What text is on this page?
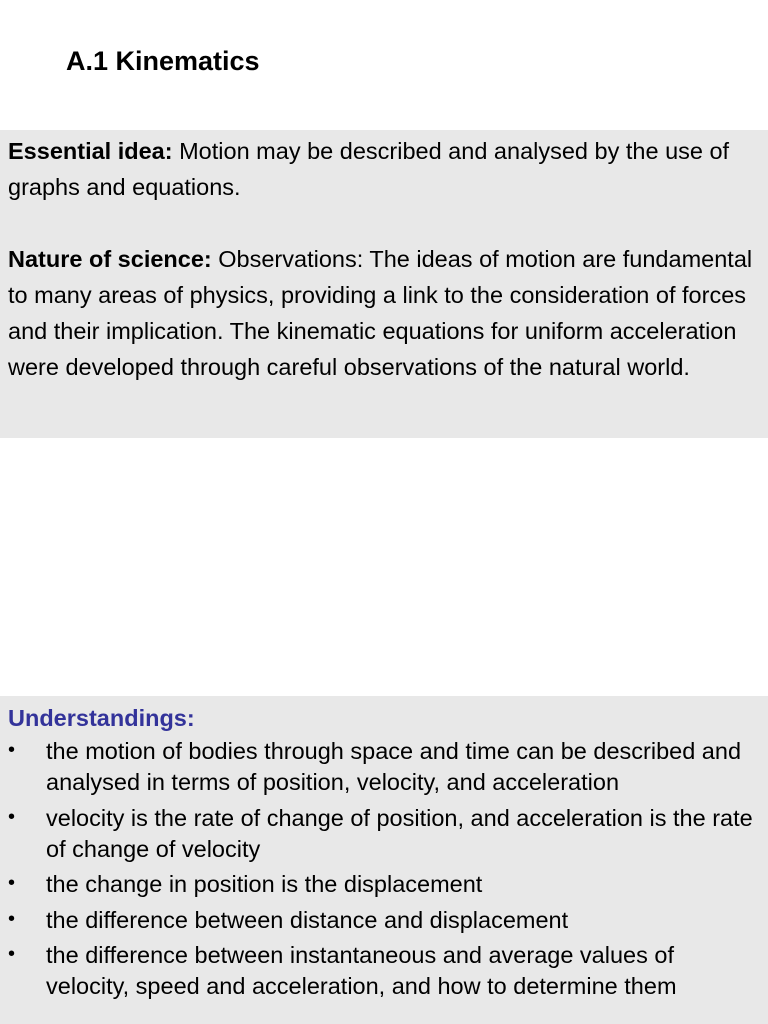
A.1 Kinematics

Essential idea: Motion may be described and analysed by the use of graphs and equations.

Nature of science: Observations: The ideas of motion are fundamental to many areas of physics, providing a link to the consideration of forces and their implication. The kinematic equations for uniform acceleration were developed through careful observations of the natural world.

Understandings:
• the motion of bodies through space and time can be described and analysed in terms of position, velocity, and acceleration
• velocity is the rate of change of position, and acceleration is the rate of change of velocity
• the change in position is the displacement
• the difference between distance and displacement
• the difference between instantaneous and average values of velocity, speed and acceleration, and how to determine them
